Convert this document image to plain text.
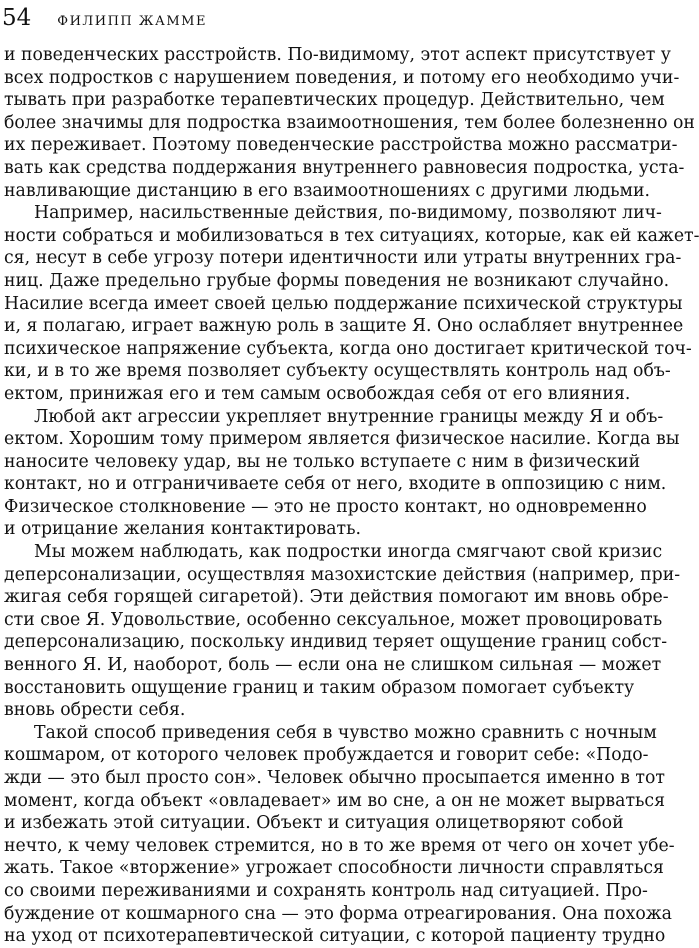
54 ФИЛИПП ЖАММЕ
и поведенческих расстройств. По-видимому, этот аспект присутствует у
всех подростков с нарушением поведения, и потому его необходимо учи-
тывать при разработке терапевтических процедур. Действительно, чем
более значимы для подростка взаимоотношения, тем более болезненно он
их переживает. Поэтому поведенческие расстройства можно рассматри-
вать как средства поддержания внутреннего равновесия подростка, уста-
навливающие дистанцию в его взаимоотношениях с другими людьми.
Например, насильственные действия, по-видимому, позволяют лич-
ности собраться и мобилизоваться в тех ситуациях, которые, как ей кажет-
ся, несут в себе угрозу потери идентичности или утраты внутренних гра-
ниц. Даже предельно грубые формы поведения не возникают случайно.
Насилие всегда имеет своей целью поддержание психической структуры
и, я полагаю, играет важную роль в защите Я. Оно ослабляет внутреннее
психическое напряжение субъекта, когда оно достигает критической точ-
ки, и в то же время позволяет субъекту осуществлять контроль над объ-
ектом, принижая его и тем самым освобождая себя от его влияния.
Любой акт агрессии укрепляет внутренние границы между Я и объ-
ектом. Хорошим тому примером является физическое насилие. Когда вы
наносите человеку удар, вы не только вступаете с ним в физический
контакт, но и отграничиваете себя от него, входите в оппозицию с ним.
Физическое столкновение — это не просто контакт, но одновременно
и отрицание желания контактировать.
Мы можем наблюдать, как подростки иногда смягчают свой кризис
деперсонализации, осуществляя мазохистские действия (например, при-
жигая себя горящей сигаретой). Эти действия помогают им вновь обре-
сти свое Я. Удовольствие, особенно сексуальное, может провоцировать
деперсонализацию, поскольку индивид теряет ощущение границ собст-
венного Я. И, наоборот, боль — если она не слишком сильная — может
восстановить ощущение границ и таким образом помогает субъекту
вновь обрести себя.
Такой способ приведения себя в чувство можно сравнить с ночным
кошмаром, от которого человек пробуждается и говорит себе: «Подо-
жди — это был просто сон». Человек обычно просыпается именно в тот
момент, когда объект «овладевает» им во сне, а он не может вырваться
и избежать этой ситуации. Объект и ситуация олицетворяют собой
нечто, к чему человек стремится, но в то же время от чего он хочет убе-
жать. Такое «вторжение» угрожает способности личности справляться
со своими переживаниями и сохранять контроль над ситуацией. Про-
буждение от кошмарного сна — это форма отреагирования. Она похожа
на уход от психотерапевтической ситуации, с которой пациенту трудно
